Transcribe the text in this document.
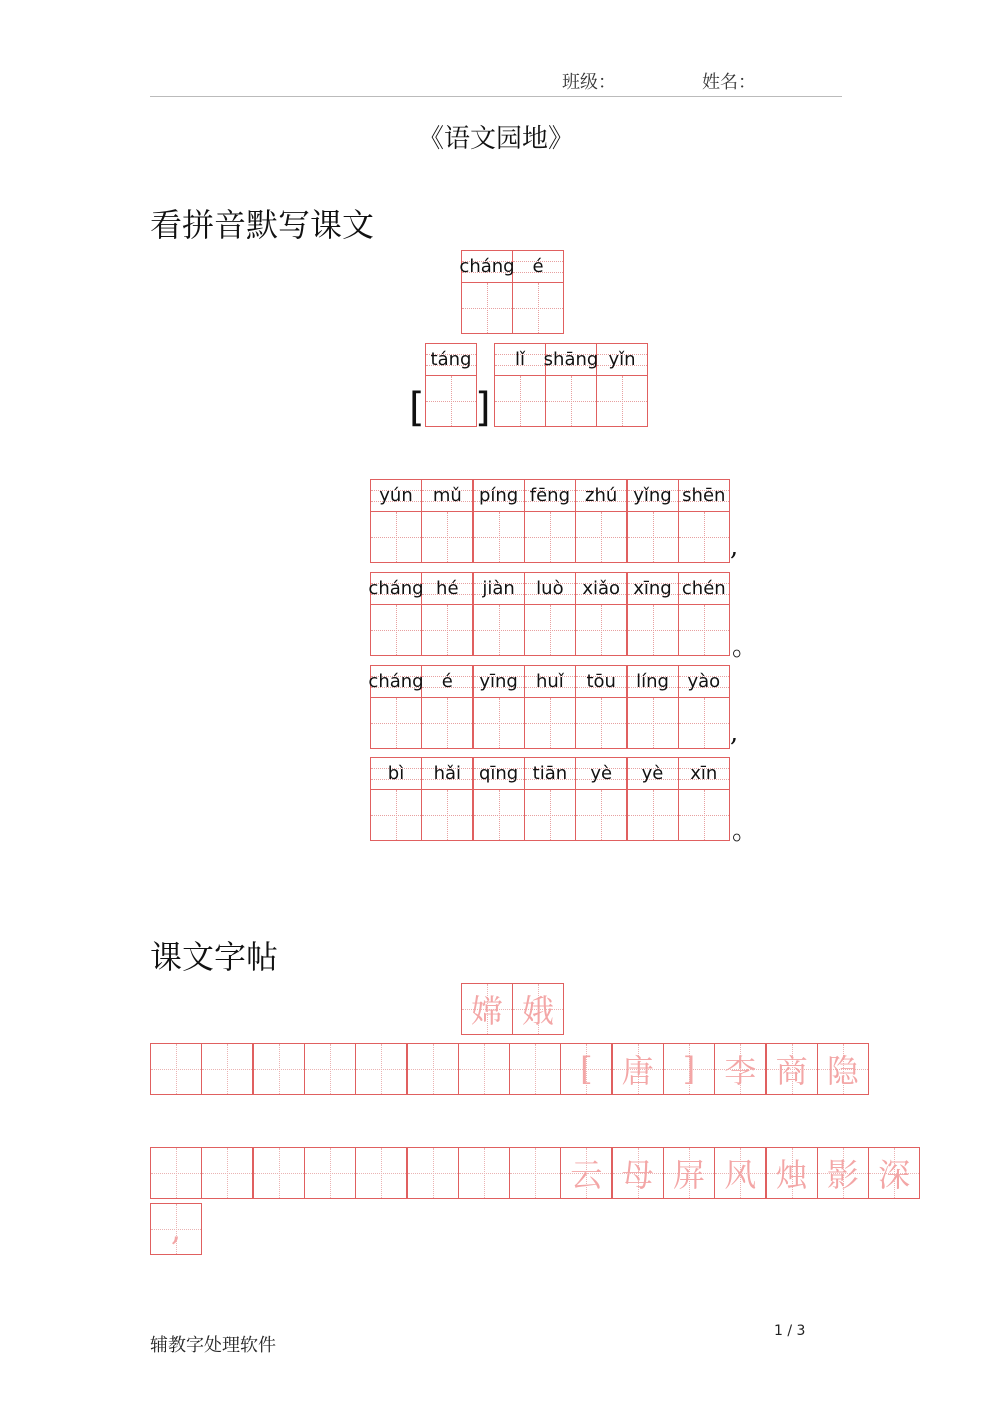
班级：	姓名：
《语文园地》
看拼音默写课文
cháng é
[
táng
]
lǐ shāng yǐn
yún mǔ píng fēng zhú yǐng shēn
,
cháng hé jiàn luò xiǎo xīng chén
。
cháng é yīng huǐ tōu líng yào
,
bì hǎi qīng tiān yè yè xīn
。
课文字帖
嫦 娥
[ 唐 ] 李 商 隐
云 母 屏 风 烛 影 深
,
辅教字处理软件
1 / 3
